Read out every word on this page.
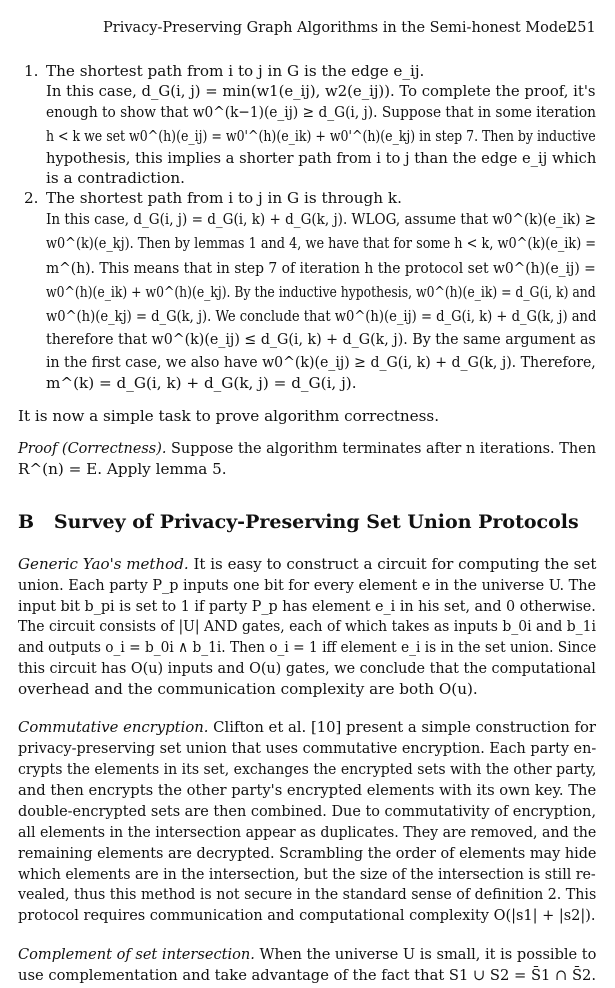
Privacy-Preserving Graph Algorithms in the Semi-honest Model
251
1. The shortest path from i to j in G is the edge e_ij.
In this case, d_G(i, j) = min(w1(e_ij), w2(e_ij)). To complete the proof, it's
enough to show that w0^(k−1)(e_ij) ≥ d_G(i, j). Suppose that in some iteration
h < k we set w0^(h)(e_ij) = w0'^(h)(e_ik) + w0'^(h)(e_kj) in step 7. Then by inductive
hypothesis, this implies a shorter path from i to j than the edge e_ij which
is a contradiction.
2. The shortest path from i to j in G is through k.
In this case, d_G(i, j) = d_G(i, k) + d_G(k, j). WLOG, assume that w0^(k)(e_ik) ≥
w0^(k)(e_kj). Then by lemmas 1 and 4, we have that for some h < k, w0^(k)(e_ik) =
m^(h). This means that in step 7 of iteration h the protocol set w0^(h)(e_ij) =
w0^(h)(e_ik) + w0^(h)(e_kj). By the inductive hypothesis, w0^(h)(e_ik) = d_G(i, k) and
w0^(h)(e_kj) = d_G(k, j). We conclude that w0^(h)(e_ij) = d_G(i, k) + d_G(k, j) and
therefore that w0^(k)(e_ij) ≤ d_G(i, k) + d_G(k, j). By the same argument as
in the first case, we also have w0^(k)(e_ij) ≥ d_G(i, k) + d_G(k, j). Therefore,
m^(k) = d_G(i, k) + d_G(k, j) = d_G(i, j).
It is now a simple task to prove algorithm correctness.
Proof (Correctness). Suppose the algorithm terminates after n iterations. Then
R^(n) = E. Apply lemma 5.
B Survey of Privacy-Preserving Set Union Protocols
Generic Yao's method. It is easy to construct a circuit for computing the set
union. Each party P_p inputs one bit for every element e in the universe U. The
input bit b_pi is set to 1 if party P_p has element e_i in his set, and 0 otherwise.
The circuit consists of |U| AND gates, each of which takes as inputs b_0i and b_1i
and outputs o_i = b_0i ∧ b_1i. Then o_i = 1 iff element e_i is in the set union. Since
this circuit has O(u) inputs and O(u) gates, we conclude that the computational
overhead and the communication complexity are both O(u).
Commutative encryption. Clifton et al. [10] present a simple construction for
privacy-preserving set union that uses commutative encryption. Each party en-
crypts the elements in its set, exchanges the encrypted sets with the other party,
and then encrypts the other party's encrypted elements with its own key. The
double-encrypted sets are then combined. Due to commutativity of encryption,
all elements in the intersection appear as duplicates. They are removed, and the
remaining elements are decrypted. Scrambling the order of elements may hide
which elements are in the intersection, but the size of the intersection is still re-
vealed, thus this method is not secure in the standard sense of definition 2. This
protocol requires communication and computational complexity O(|s1| + |s2|).
Complement of set intersection. When the universe U is small, it is possible to
use complementation and take advantage of the fact that S1 ∪ S2 = S̄1 ∩ S̄2.
